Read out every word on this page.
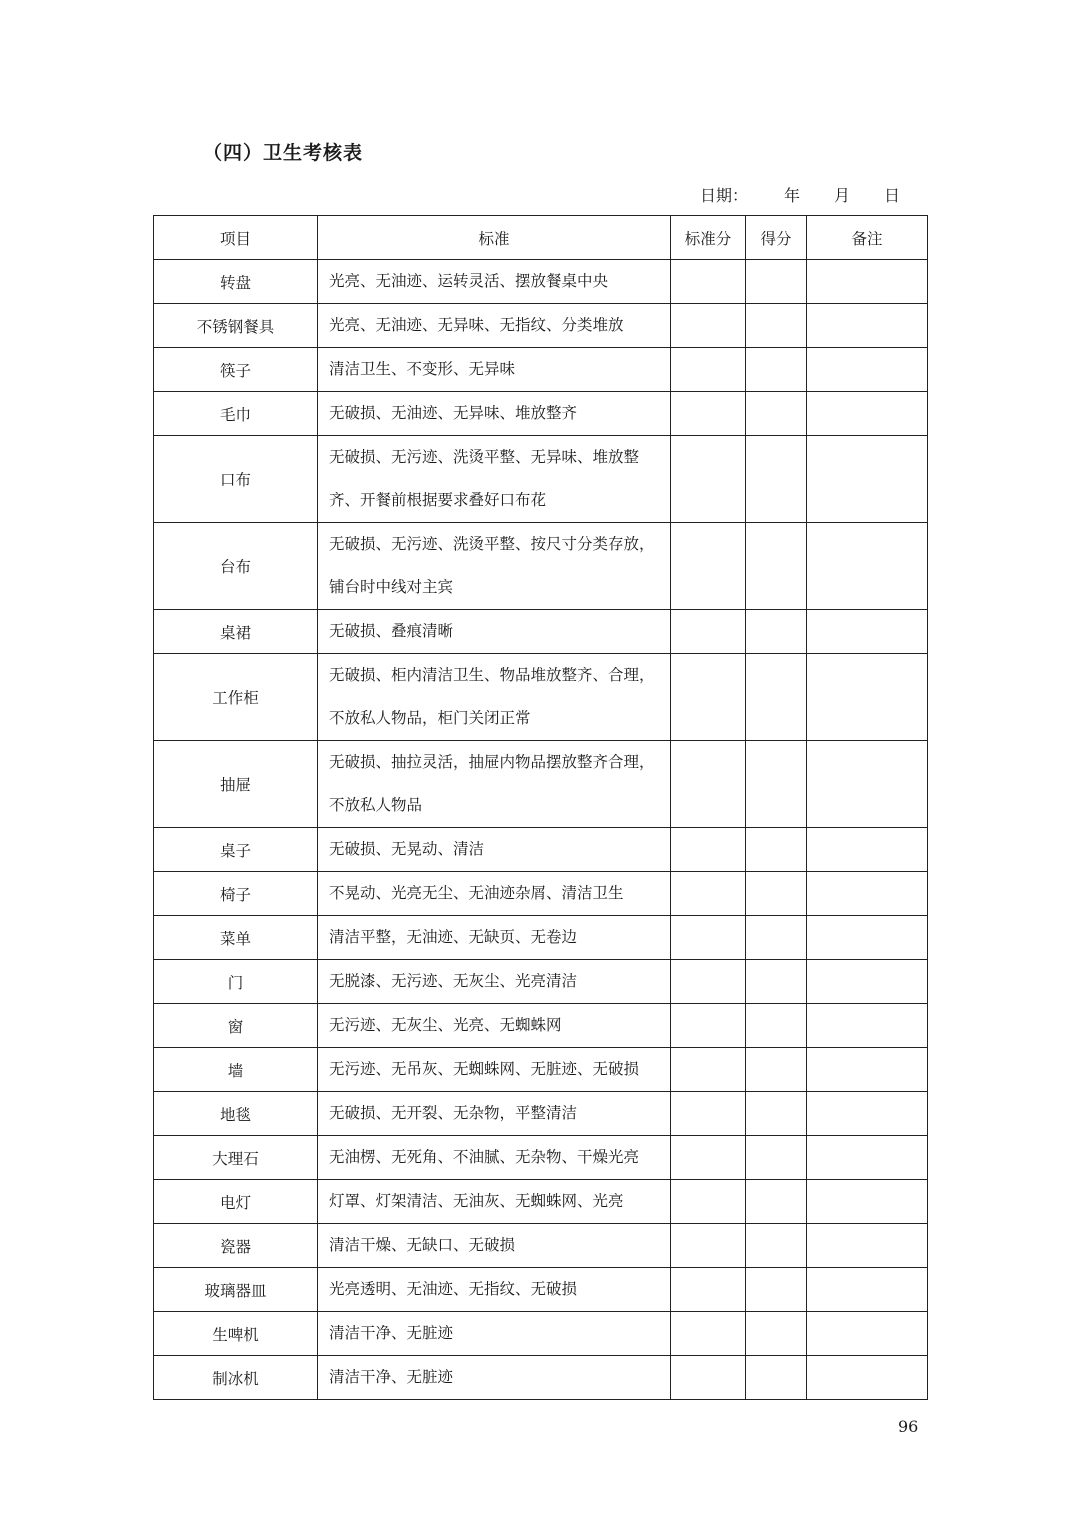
（四）卫生考核表
日期： 年 月 日
项目	标准	标准分	得分	备注
转盘	光亮、无油迹、运转灵活、摆放餐桌中央			
不锈钢餐具	光亮、无油迹、无异味、无指纹、分类堆放			
筷子	清洁卫生、不变形、无异味			
毛巾	无破损、无油迹、无异味、堆放整齐			
口布	无破损、无污迹、洗烫平整、无异味、堆放整齐、开餐前根据要求叠好口布花			
台布	无破损、无污迹、洗烫平整、按尺寸分类存放，铺台时中线对主宾			
桌裙	无破损、叠痕清晰			
工作柜	无破损、柜内清洁卫生、物品堆放整齐、合理，不放私人物品，柜门关闭正常			
抽屉	无破损、抽拉灵活，抽屉内物品摆放整齐合理，不放私人物品			
桌子	无破损、无晃动、清洁			
椅子	不晃动、光亮无尘、无油迹杂屑、清洁卫生			
菜单	清洁平整，无油迹、无缺页、无卷边			
门	无脱漆、无污迹、无灰尘、光亮清洁			
窗	无污迹、无灰尘、光亮、无蜘蛛网			
墙	无污迹、无吊灰、无蜘蛛网、无脏迹、无破损			
地毯	无破损、无开裂、无杂物，平整清洁			
大理石	无油楞、无死角、不油腻、无杂物、干燥光亮			
电灯	灯罩、灯架清洁、无油灰、无蜘蛛网、光亮			
瓷器	清洁干燥、无缺口、无破损			
玻璃器皿	光亮透明、无油迹、无指纹、无破损			
生啤机	清洁干净、无脏迹			
制冰机	清洁干净、无脏迹			
96
